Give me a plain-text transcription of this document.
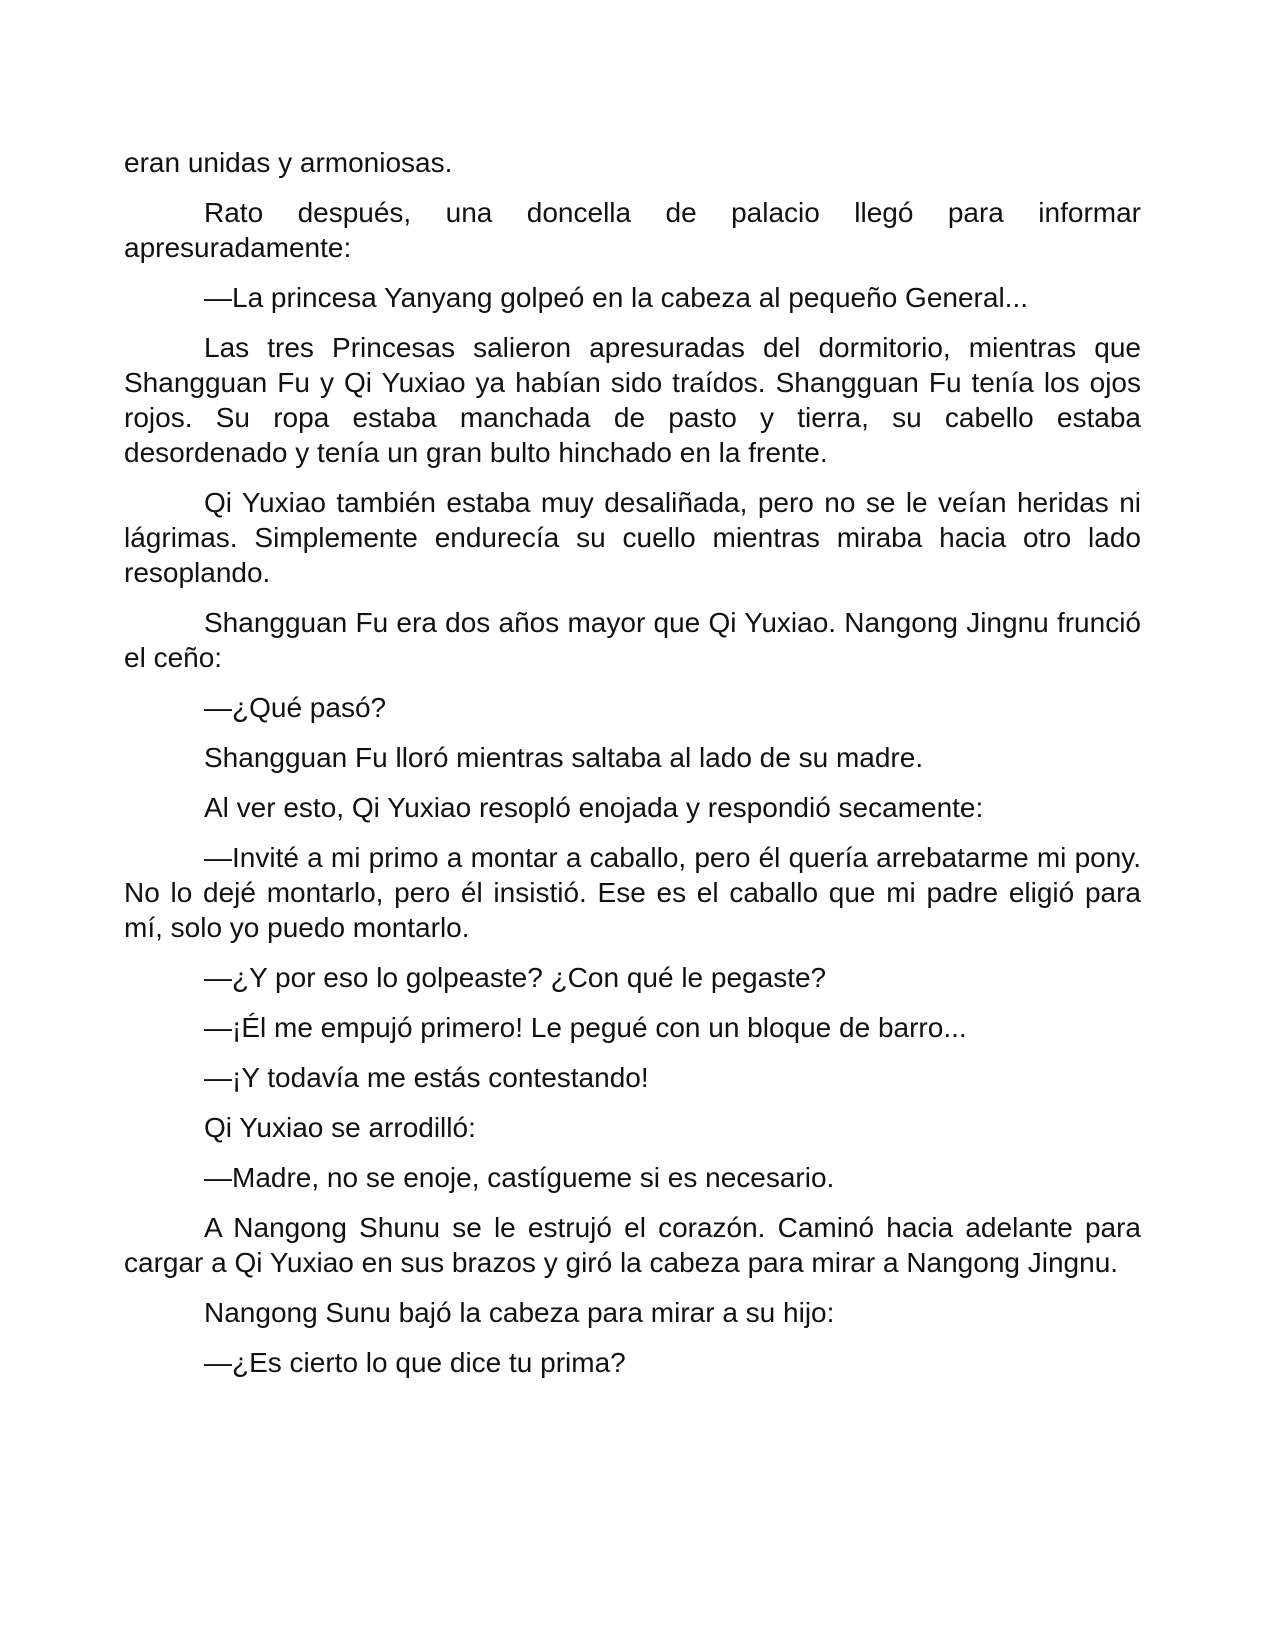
eran unidas y armoniosas.

Rato después, una doncella de palacio llegó para informar apresuradamente:

—La princesa Yanyang golpeó en la cabeza al pequeño General...

Las tres Princesas salieron apresuradas del dormitorio, mientras que Shangguan Fu y Qi Yuxiao ya habían sido traídos. Shangguan Fu tenía los ojos rojos. Su ropa estaba manchada de pasto y tierra, su cabello estaba desordenado y tenía un gran bulto hinchado en la frente.

Qi Yuxiao también estaba muy desaliñada, pero no se le veían heridas ni lágrimas. Simplemente endurecía su cuello mientras miraba hacia otro lado resoplando.

Shangguan Fu era dos años mayor que Qi Yuxiao. Nangong Jingnu frunció el ceño:

—¿Qué pasó?

Shangguan Fu lloró mientras saltaba al lado de su madre.

Al ver esto, Qi Yuxiao resopló enojada y respondió secamente:

—Invité a mi primo a montar a caballo, pero él quería arrebatarme mi pony. No lo dejé montarlo, pero él insistió. Ese es el caballo que mi padre eligió para mí, solo yo puedo montarlo.

—¿Y por eso lo golpeaste? ¿Con qué le pegaste?

—¡Él me empujó primero! Le pegué con un bloque de barro...

—¡Y todavía me estás contestando!

Qi Yuxiao se arrodilló:

—Madre, no se enoje, castígueme si es necesario.

A Nangong Shunu se le estrujó el corazón. Caminó hacia adelante para cargar a Qi Yuxiao en sus brazos y giró la cabeza para mirar a Nangong Jingnu.

Nangong Sunu bajó la cabeza para mirar a su hijo:

—¿Es cierto lo que dice tu prima?
